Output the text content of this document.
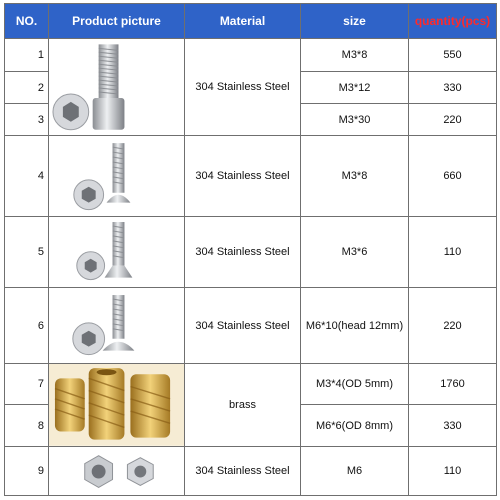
NO.	Product picture	Material	size	quantity(pcs)
1		304 Stainless Steel	M3*8	550
2			M3*12	330
3			M3*30	220
4		304 Stainless Steel	M3*8	660
5		304 Stainless Steel	M3*6	110
6		304 Stainless Steel	M6*10(head 12mm)	220
7		brass	M3*4(OD 5mm)	1760
8			M6*6(OD 8mm)	330
9		304 Stainless Steel	M6	110
